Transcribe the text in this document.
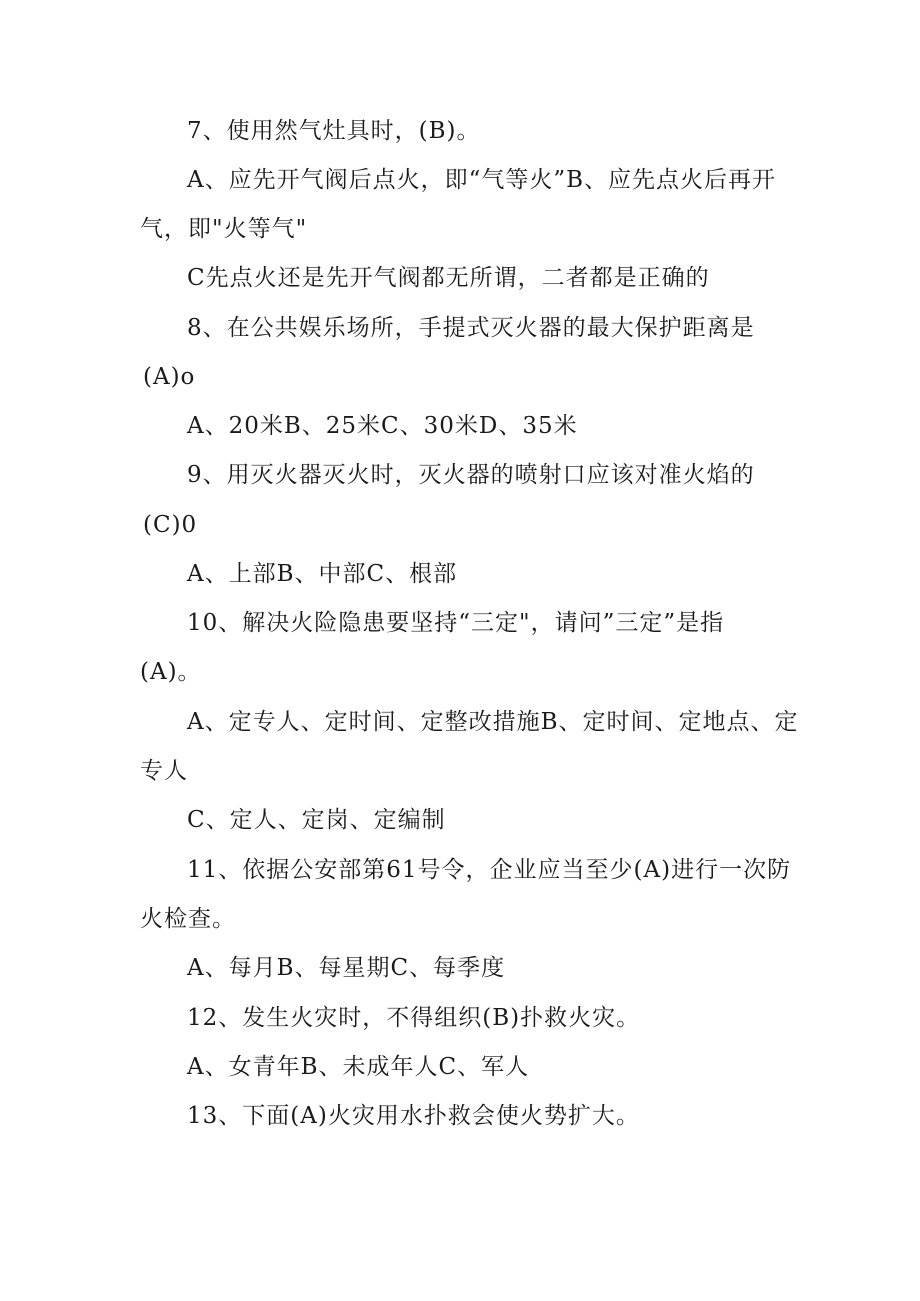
7、使用然气灶具时，(B)。
A、应先开气阀后点火，即“气等火”B、应先点火后再开
气，即"火等气"
C先点火还是先开气阀都无所谓，二者都是正确的
8、在公共娱乐场所，手提式灭火器的最大保护距离是
(A)o
A、20米B、25米C、30米D、35米
9、用灭火器灭火时，灭火器的喷射口应该对准火焰的
(C)0
A、上部B、中部C、根部
10、解决火险隐患要坚持“三定"，请问”三定”是指
(A)。
A、定专人、定时间、定整改措施B、定时间、定地点、定
专人
C、定人、定岗、定编制
11、依据公安部第61号令，企业应当至少(A)进行一次防
火检查。
A、每月B、每星期C、每季度
12、发生火灾时，不得组织(B)扑救火灾。
A、女青年B、未成年人C、军人
13、下面(A)火灾用水扑救会使火势扩大。
